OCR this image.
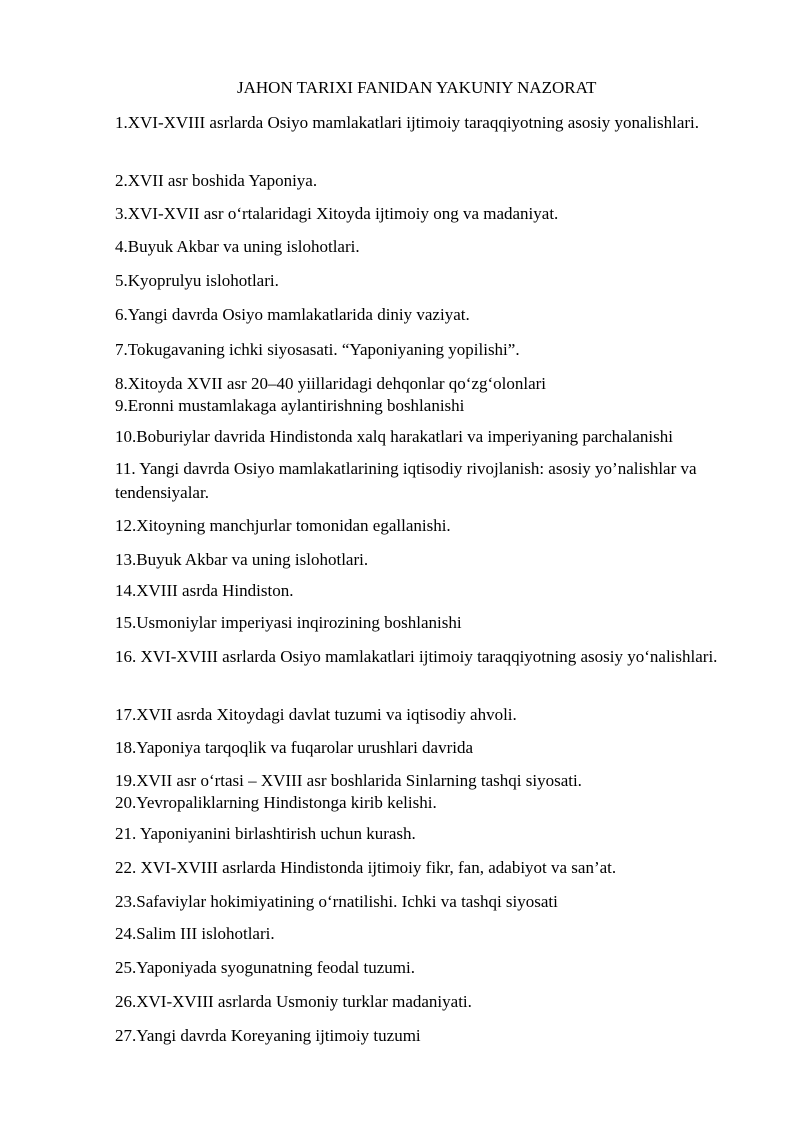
JAHON TARIXI FANIDAN YAKUNIY NAZORAT
1.XVI-XVIII asrlarda Osiyo mamlakatlari ijtimoiy taraqqiyotning asosiy yonalishlari.
2.XVII asr boshida Yaponiya.
3.XVI-XVII asr oʻrtalaridagi Xitoyda ijtimoiy ong va madaniyat.
4.Buyuk Akbar va uning islohotlari.
5.Kyoprulyu islohotlari.
6.Yangi davrda Osiyo mamlakatlarida diniy vaziyat.
7.Tokugavaning ichki siyosasati. “Yaponiyaning yopilishi”.
8.Xitoyda XVII asr 20–40 yiillaridagi dehqonlar qoʻzgʻolonlari
9.Eronni mustamlakaga aylantirishning boshlanishi
10.Boburiylar davrida Hindistonda xalq harakatlari va imperiyaning parchalanishi
11. Yangi davrda Osiyo mamlakatlarining iqtisodiy rivojlanish: asosiy yo’nalishlar va tendensiyalar.
12.Xitoyning manchjurlar tomonidan egallanishi.
13.Buyuk Akbar va uning islohotlari.
14.XVIII asrda Hindiston.
15.Usmoniylar imperiyasi inqirozining boshlanishi
16. XVI-XVIII asrlarda Osiyo mamlakatlari ijtimoiy taraqqiyotning asosiy yoʻnalishlari.
17.XVII asrda Xitoydagi davlat tuzumi va iqtisodiy ahvoli.
18.Yaponiya tarqoqlik va fuqarolar urushlari davrida
19.XVII asr oʻrtasi – XVIII asr boshlarida Sinlarning tashqi siyosati.
20.Yevropaliklarning Hindistonga kirib kelishi.
21. Yaponiyanini birlashtirish uchun kurash.
22. XVI-XVIII asrlarda Hindistonda ijtimoiy fikr, fan, adabiyot va san’at.
23.Safaviylar hokimiyatining oʻrnatilishi. Ichki va tashqi siyosati
24.Salim III islohotlari.
25.Yaponiyada syogunatning feodal tuzumi.
26.XVI-XVIII asrlarda Usmoniy turklar madaniyati.
27.Yangi davrda Koreyaning ijtimoiy tuzumi
